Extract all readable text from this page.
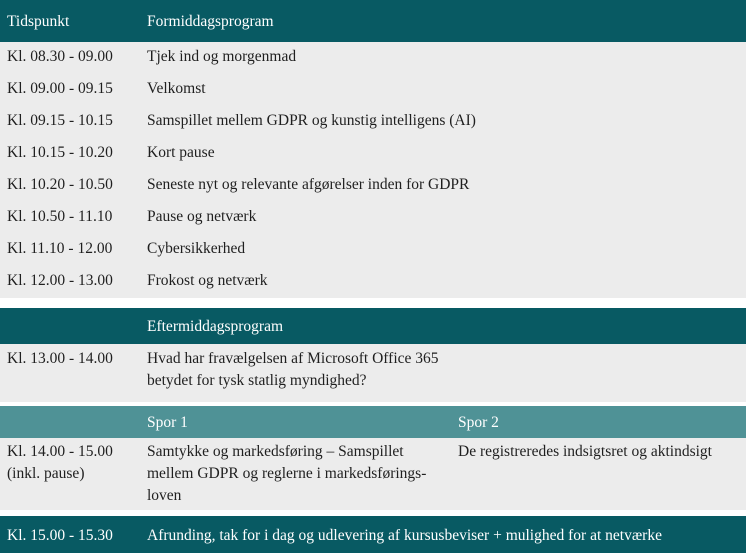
Tidspunkt	Formiddagsprogram
Kl. 08.30 - 09.00 Tjek ind og morgenmad
Kl. 09.00 - 09.15 Velkomst
Kl. 09.15 - 10.15 Samspillet mellem GDPR og kunstig intelligens (AI)
Kl. 10.15 - 10.20 Kort pause
Kl. 10.20 - 10.50 Seneste nyt og relevante afgørelser inden for GDPR
Kl. 10.50 - 11.10 Pause og netværk
Kl. 11.10 - 12.00 Cybersikkerhed
Kl. 12.00 - 13.00 Frokost og netværk
Eftermiddagsprogram
Kl. 13.00 - 14.00 Hvad har fravælgelsen af Microsoft Office 365
betydet for tysk statlig myndighed?
Spor 1	Spor 2
Kl. 14.00 - 15.00
(inkl. pause)
Samtykke og markedsføring – Samspillet
mellem GDPR og reglerne i markedsførings-
loven
De registreredes indsigtsret og aktindsigt
Kl. 15.00 - 15.30 Afrunding, tak for i dag og udlevering af kursusbeviser + mulighed for at netværke
